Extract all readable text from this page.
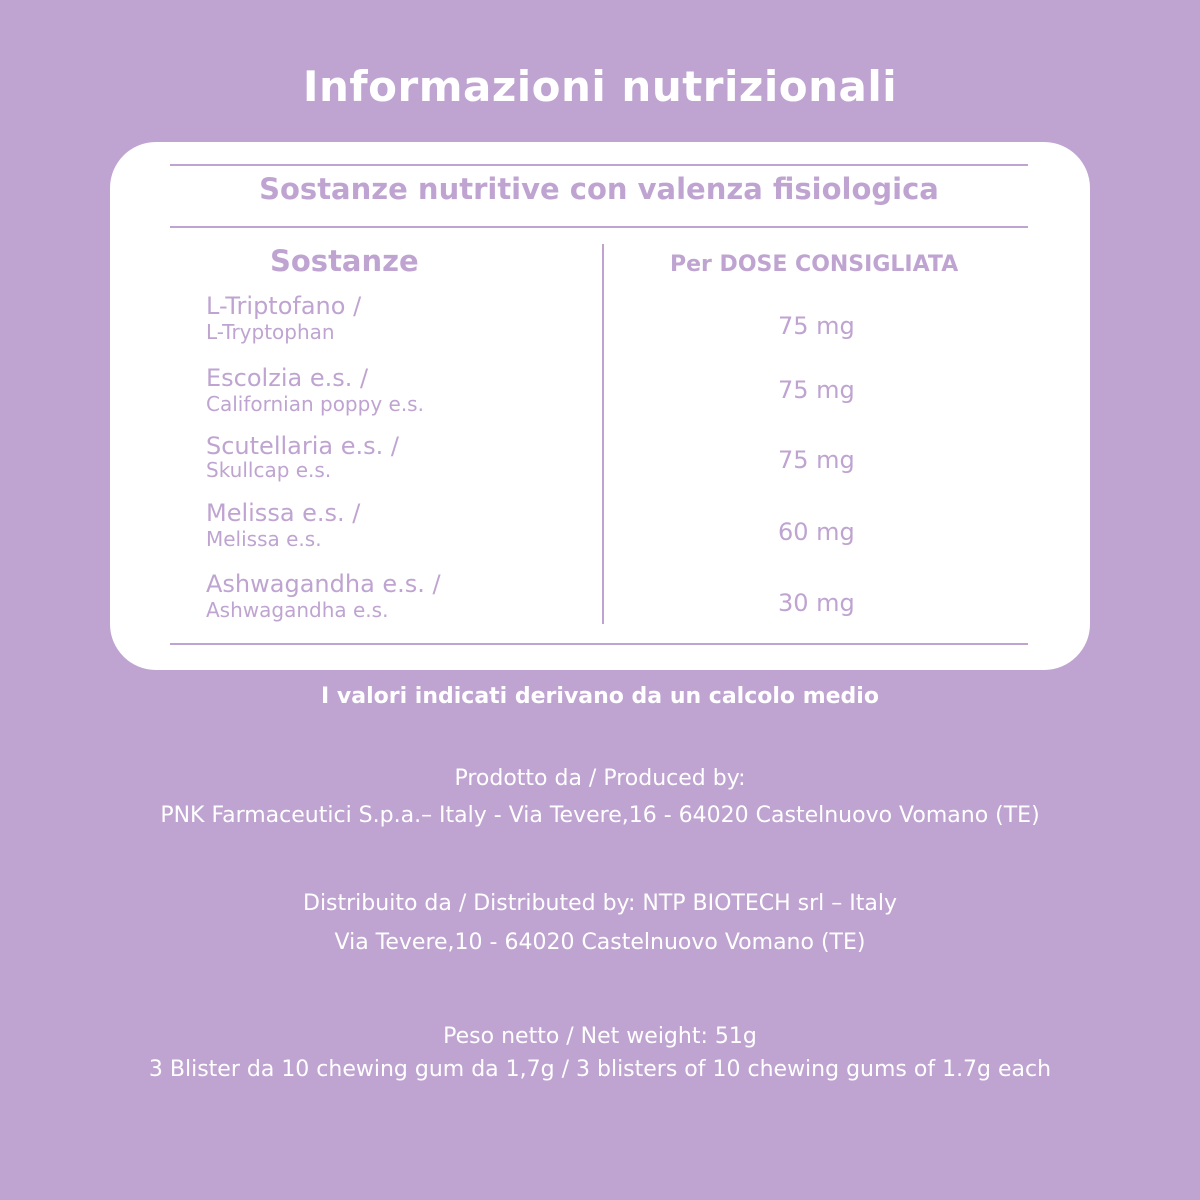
Informazioni nutrizionali
Sostanze nutritive con valenza fisiologica
Sostanze	Per DOSE CONSIGLIATA
L-Triptofano /
L-Tryptophan	75 mg
Escolzia e.s. /
Californian poppy e.s.	75 mg
Scutellaria e.s. /
Skullcap e.s.	75 mg
Melissa e.s. /
Melissa e.s.	60 mg
Ashwagandha e.s. /
Ashwagandha e.s.	30 mg
I valori indicati derivano da un calcolo medio
Prodotto da / Produced by:
PNK Farmaceutici S.p.a.– Italy - Via Tevere,16 - 64020 Castelnuovo Vomano (TE)
Distribuito da / Distributed by: NTP BIOTECH srl – Italy
Via Tevere,10 - 64020 Castelnuovo Vomano (TE)
Peso netto / Net weight: 51g
3 Blister da 10 chewing gum da 1,7g / 3 blisters of 10 chewing gums of 1.7g each
